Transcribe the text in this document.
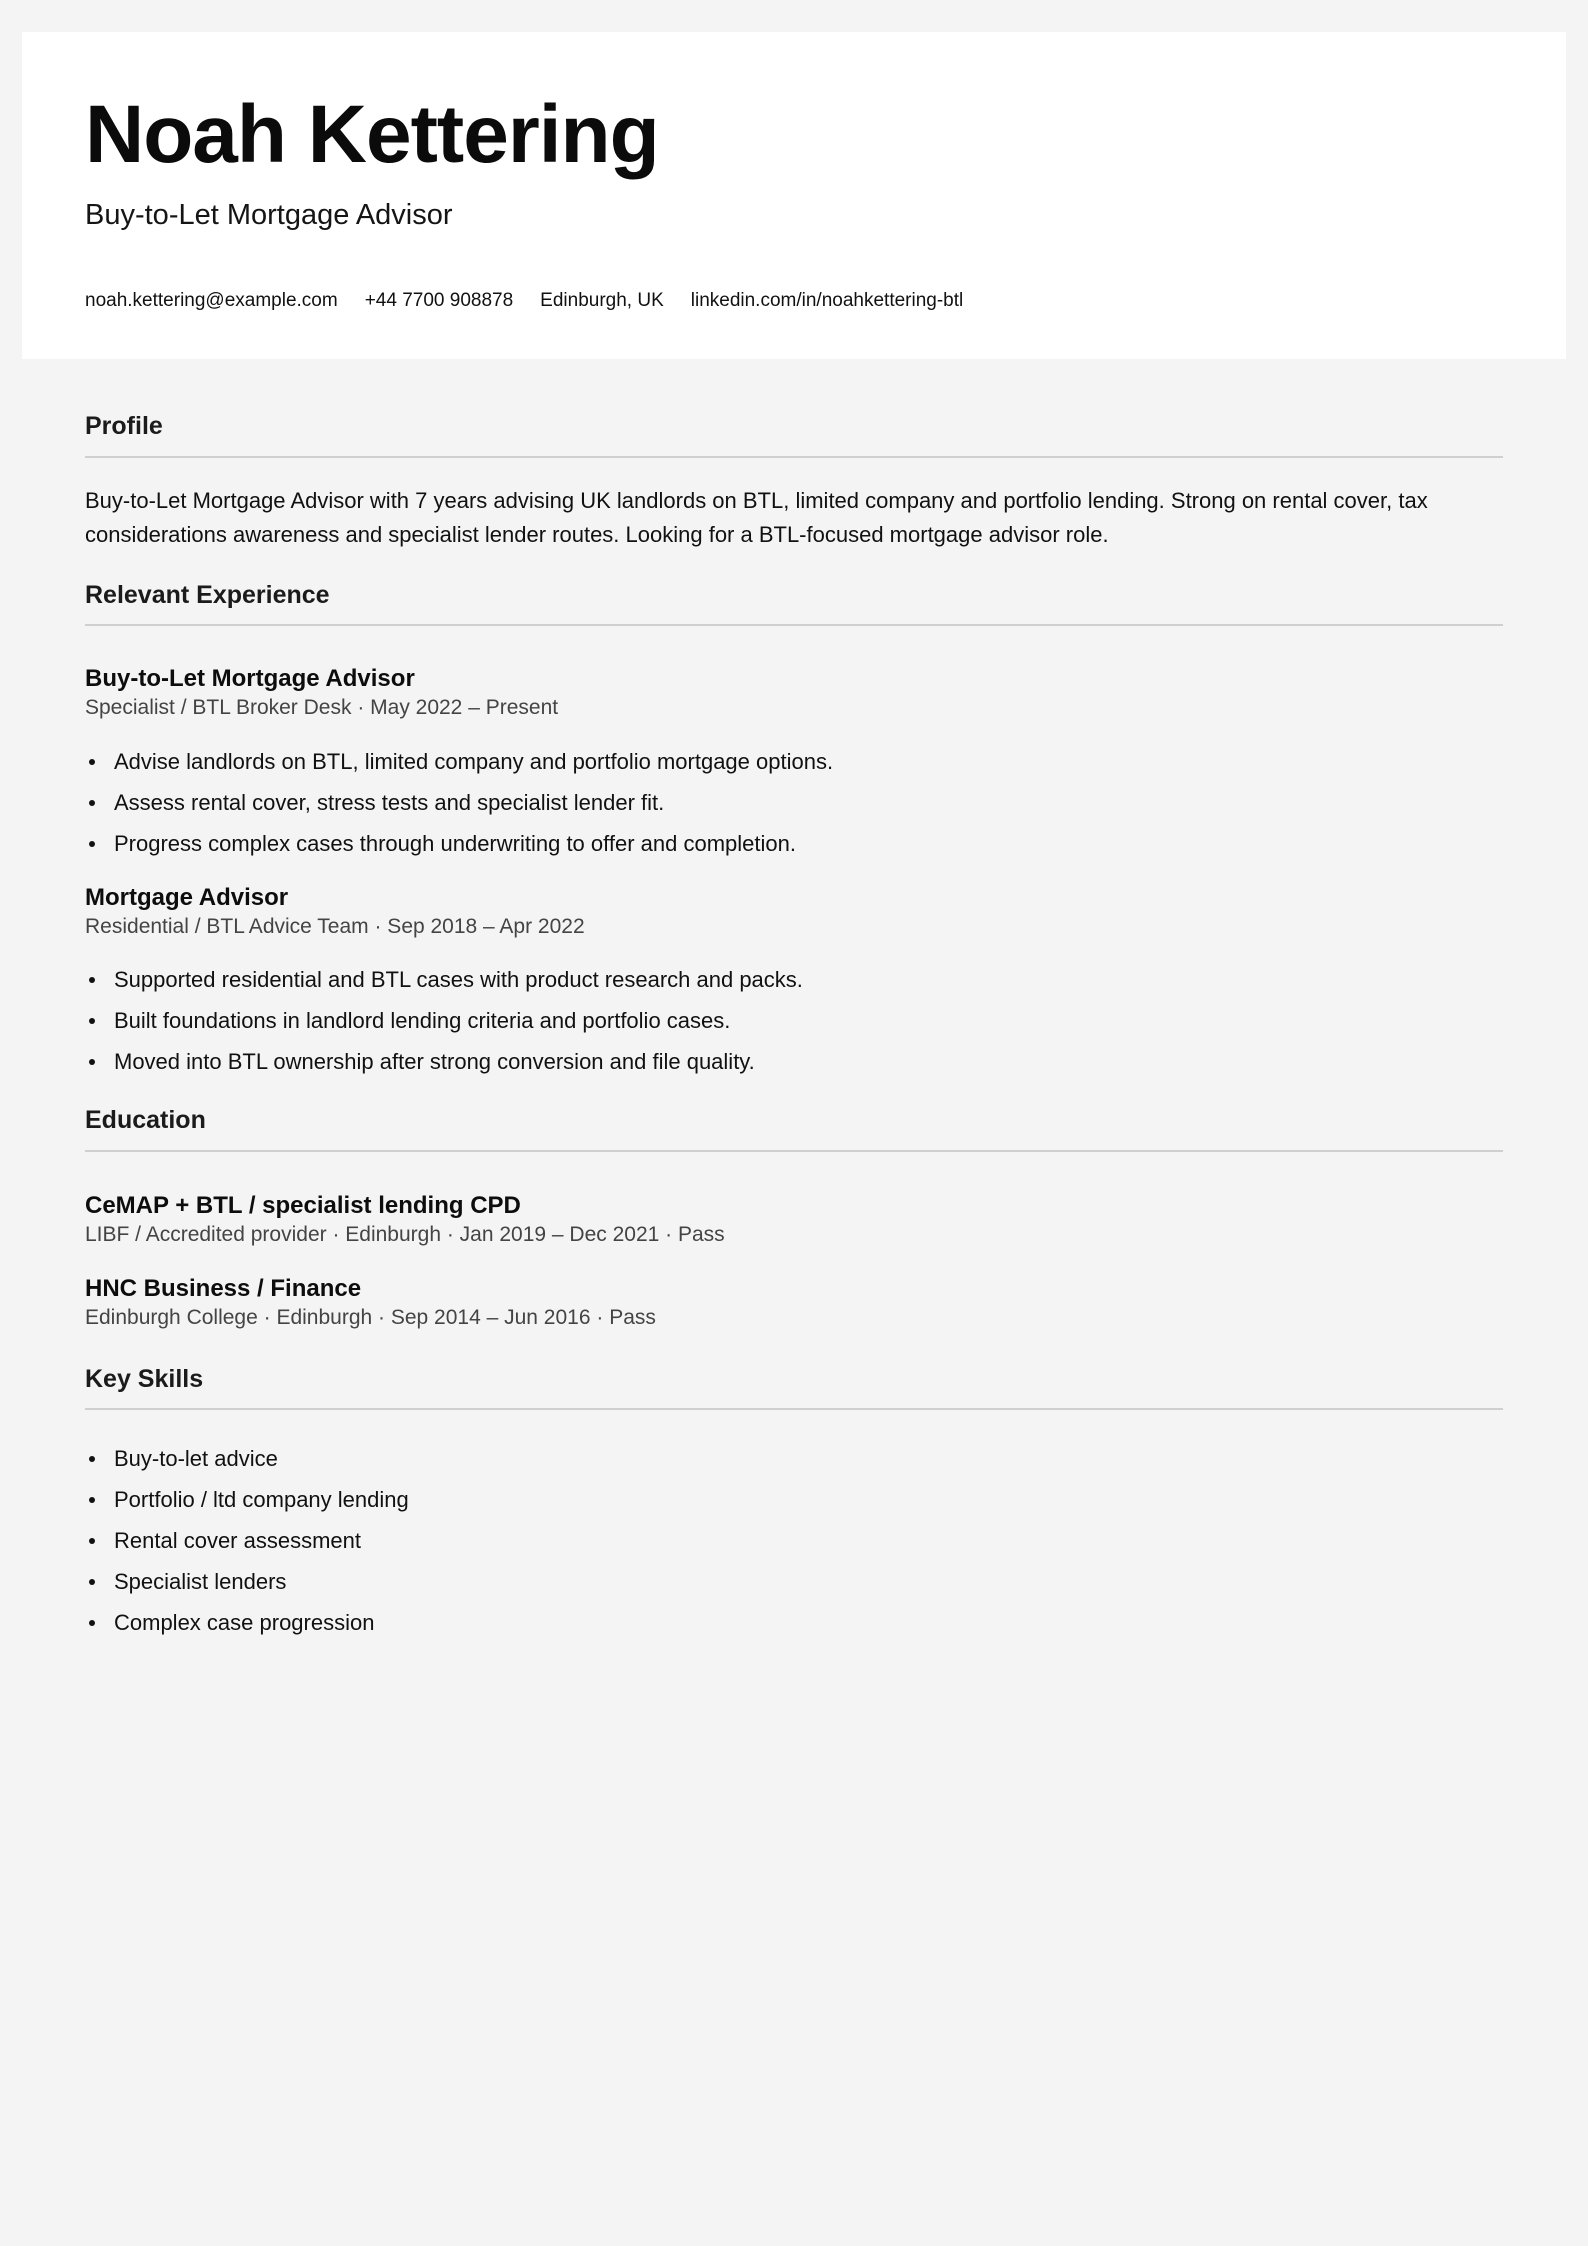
Noah Kettering

Buy-to-Let Mortgage Advisor

noah.kettering@example.com +44 7700 908878 Edinburgh, UK linkedin.com/in/noahkettering-btl
Profile

Buy-to-Let Mortgage Advisor with 7 years advising UK landlords on BTL, limited company and portfolio lending. Strong on rental cover, tax considerations awareness and specialist lender routes. Looking for a BTL-focused mortgage advisor role.

Relevant Experience
Buy-to-Let Mortgage Advisor

Specialist / BTL Broker Desk · May 2022 – Present

Advise landlords on BTL, limited company and portfolio mortgage options.
Assess rental cover, stress tests and specialist lender fit.
Progress complex cases through underwriting to offer and completion.
Mortgage Advisor

Residential / BTL Advice Team · Sep 2018 – Apr 2022

Supported residential and BTL cases with product research and packs.
Built foundations in landlord lending criteria and portfolio cases.
Moved into BTL ownership after strong conversion and file quality.
Education
CeMAP + BTL / specialist lending CPD

LIBF / Accredited provider · Edinburgh · Jan 2019 – Dec 2021 · Pass

HNC Business / Finance

Edinburgh College · Edinburgh · Sep 2014 – Jun 2016 · Pass

Key Skills
Buy-to-let advice
Portfolio / ltd company lending
Rental cover assessment
Specialist lenders
Complex case progression
